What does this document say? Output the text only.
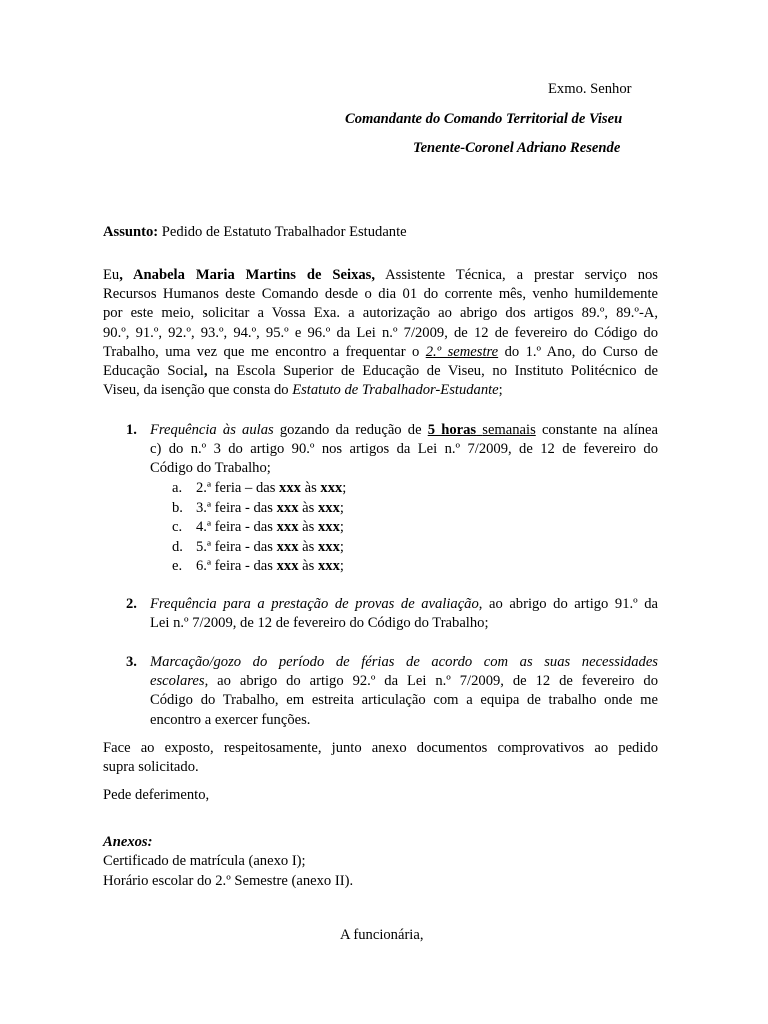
Exmo. Senhor
Comandante do Comando Territorial de Viseu
Tenente-Coronel Adriano Resende
Assunto: Pedido de Estatuto Trabalhador Estudante
Eu, Anabela Maria Martins de Seixas, Assistente Técnica, a prestar serviço nos
Recursos Humanos deste Comando desde o dia 01 do corrente mês, venho humildemente
por este meio, solicitar a Vossa Exa. a autorização ao abrigo dos artigos 89.º, 89.º-A,
90.º, 91.º, 92.º, 93.º, 94.º, 95.º e 96.º da Lei n.º 7/2009, de 12 de fevereiro do Código do
Trabalho, uma vez que me encontro a frequentar o 2.º semestre do 1.º Ano, do Curso de
Educação Social, na Escola Superior de Educação de Viseu, no Instituto Politécnico de
Viseu, da isenção que consta do Estatuto de Trabalhador-Estudante;
1. Frequência às aulas gozando da redução de 5 horas semanais constante na alínea
c) do n.º 3 do artigo 90.º nos artigos da Lei n.º 7/2009, de 12 de fevereiro do
Código do Trabalho;
a. 2.ª feria – das xxx às xxx;
b. 3.ª feira - das xxx às xxx;
c. 4.ª feira - das xxx às xxx;
d. 5.ª feira - das xxx às xxx;
e. 6.ª feira - das xxx às xxx;
2. Frequência para a prestação de provas de avaliação, ao abrigo do artigo 91.º da
Lei n.º 7/2009, de 12 de fevereiro do Código do Trabalho;
3. Marcação/gozo do período de férias de acordo com as suas necessidades
escolares, ao abrigo do artigo 92.º da Lei n.º 7/2009, de 12 de fevereiro do
Código do Trabalho, em estreita articulação com a equipa de trabalho onde me
encontro a exercer funções.
Face ao exposto, respeitosamente, junto anexo documentos comprovativos ao pedido
supra solicitado.
Pede deferimento,
Anexos:
Certificado de matrícula (anexo I);
Horário escolar do 2.º Semestre (anexo II).
A funcionária,
